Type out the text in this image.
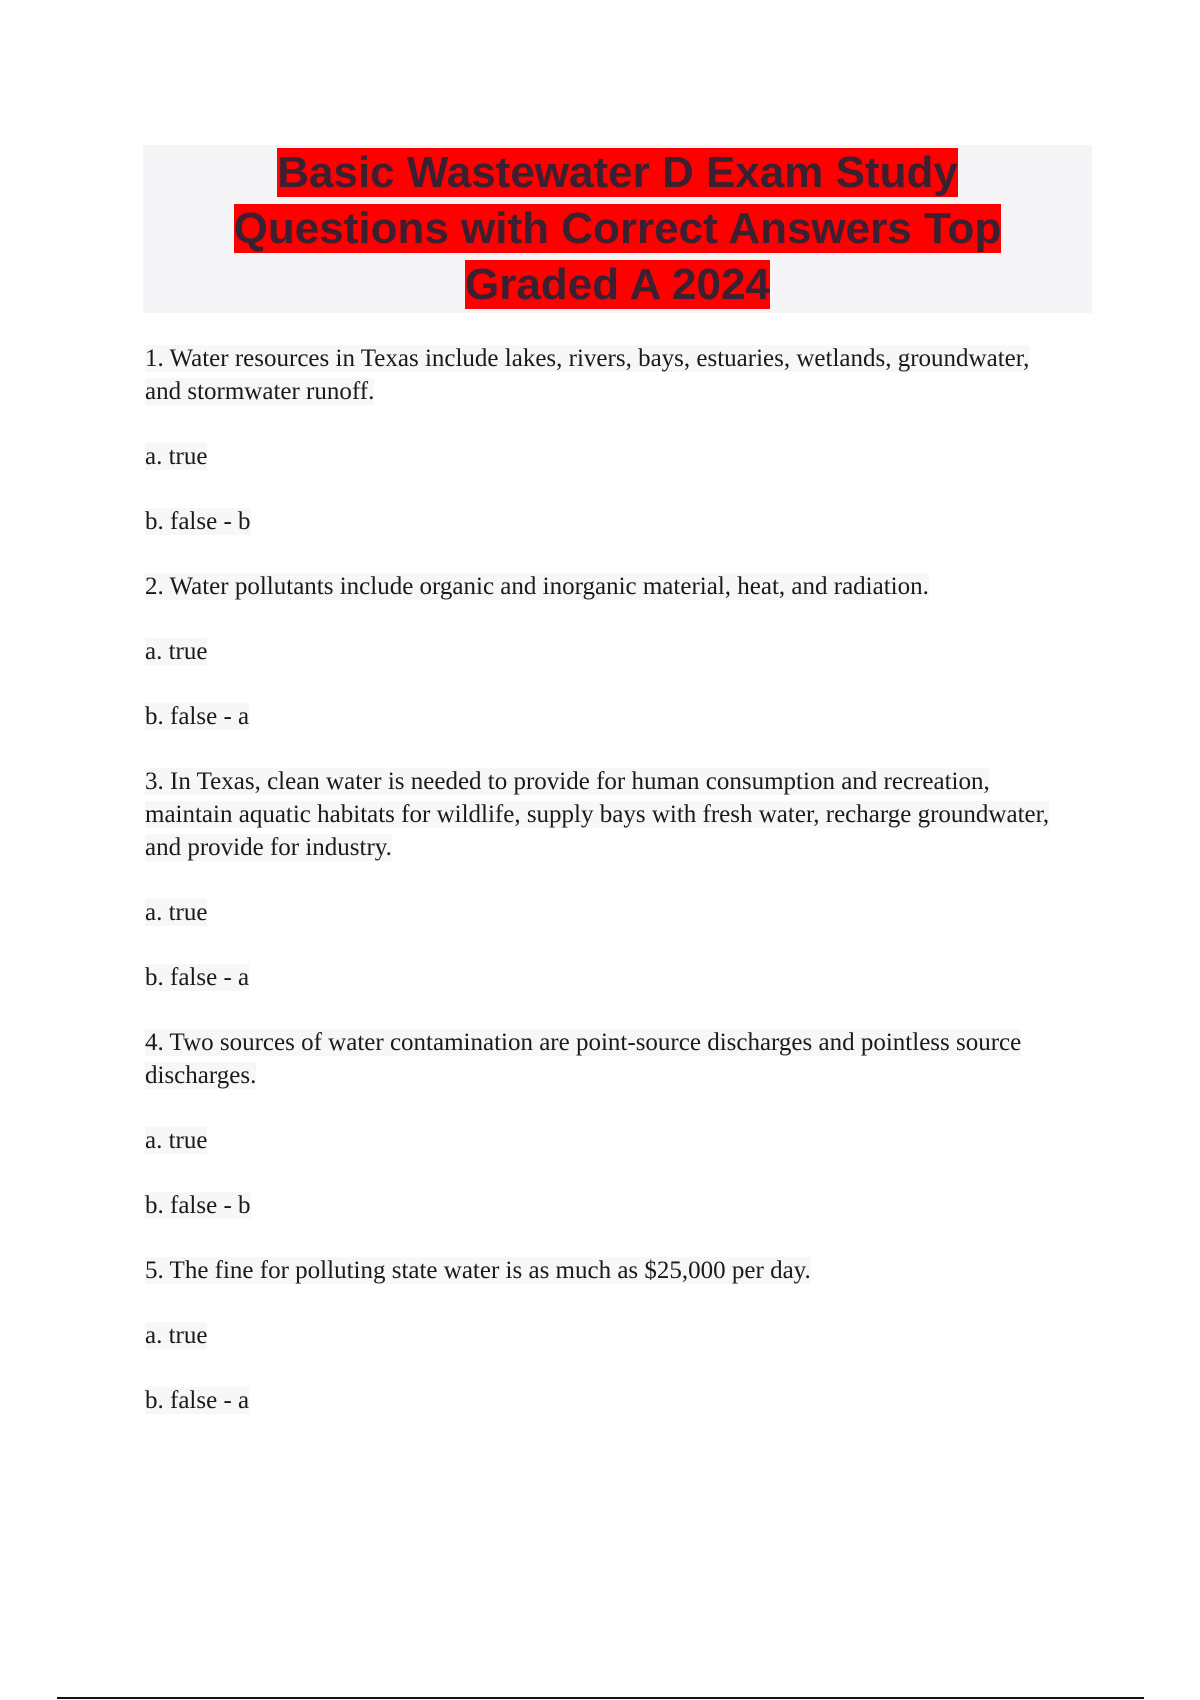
Basic Wastewater D Exam Study Questions with Correct Answers Top Graded A 2024

1. Water resources in Texas include lakes, rivers, bays, estuaries, wetlands, groundwater, and stormwater runoff.

a. true

b. false - b

2. Water pollutants include organic and inorganic material, heat, and radiation.

a. true

b. false - a

3. In Texas, clean water is needed to provide for human consumption and recreation, maintain aquatic habitats for wildlife, supply bays with fresh water, recharge groundwater, and provide for industry.

a. true

b. false - a

4. Two sources of water contamination are point-source discharges and pointless source discharges.

a. true

b. false - b

5. The fine for polluting state water is as much as $25,000 per day.

a. true

b. false - a
